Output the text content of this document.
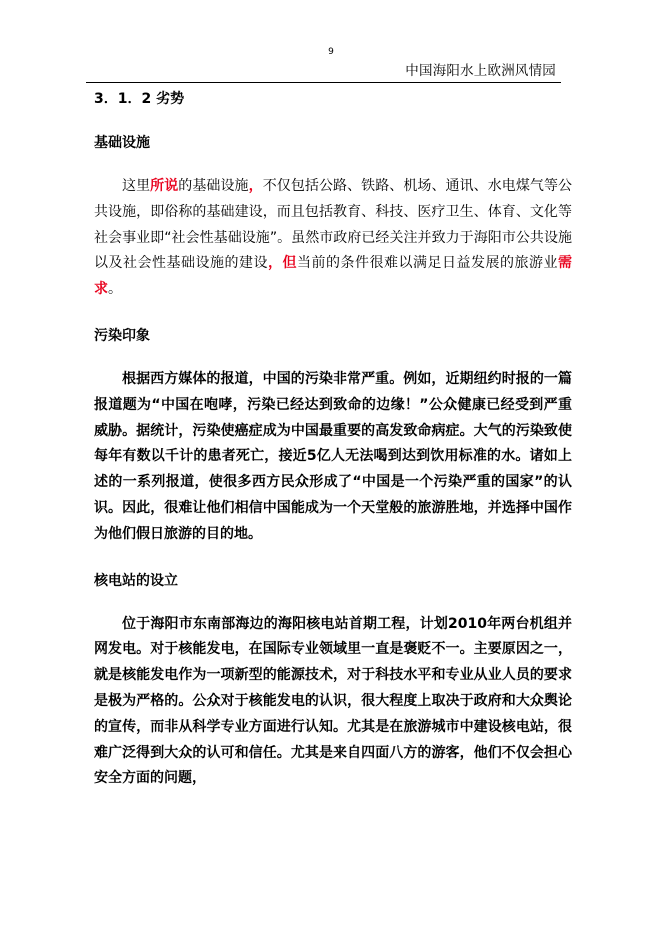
9
中国海阳水上欧洲风情园
3．1．2 劣势
基础设施

这里所说的基础设施，不仅包括公路、铁路、机场、通讯、水电煤气等公共设施，即俗称的基础建设，而且包括教育、科技、医疗卫生、体育、文化等社会事业即“社会性基础设施”。虽然市政府已经关注并致力于海阳市公共设施以及社会性基础设施的建设，但当前的条件很难以满足日益发展的旅游业需求。

污染印象

根据西方媒体的报道，中国的污染非常严重。例如，近期纽约时报的一篇报道题为“中国在咆哮，污染已经达到致命的边缘！”公众健康已经受到严重威胁。据统计，污染使癌症成为中国最重要的高发致命病症。大气的污染致使每年有数以千计的患者死亡，接近5亿人无法喝到达到饮用标准的水。诸如上述的一系列报道，使很多西方民众形成了“中国是一个污染严重的国家”的认识。因此，很难让他们相信中国能成为一个天堂般的旅游胜地，并选择中国作为他们假日旅游的目的地。

核电站的设立

位于海阳市东南部海边的海阳核电站首期工程，计划2010年两台机组并网发电。对于核能发电，在国际专业领域里一直是褒贬不一。主要原因之一，就是核能发电作为一项新型的能源技术，对于科技水平和专业从业人员的要求是极为严格的。公众对于核能发电的认识，很大程度上取决于政府和大众舆论的宣传，而非从科学专业方面进行认知。尤其是在旅游城市中建设核电站，很难广泛得到大众的认可和信任。尤其是来自四面八方的游客，他们不仅会担心安全方面的问题，
